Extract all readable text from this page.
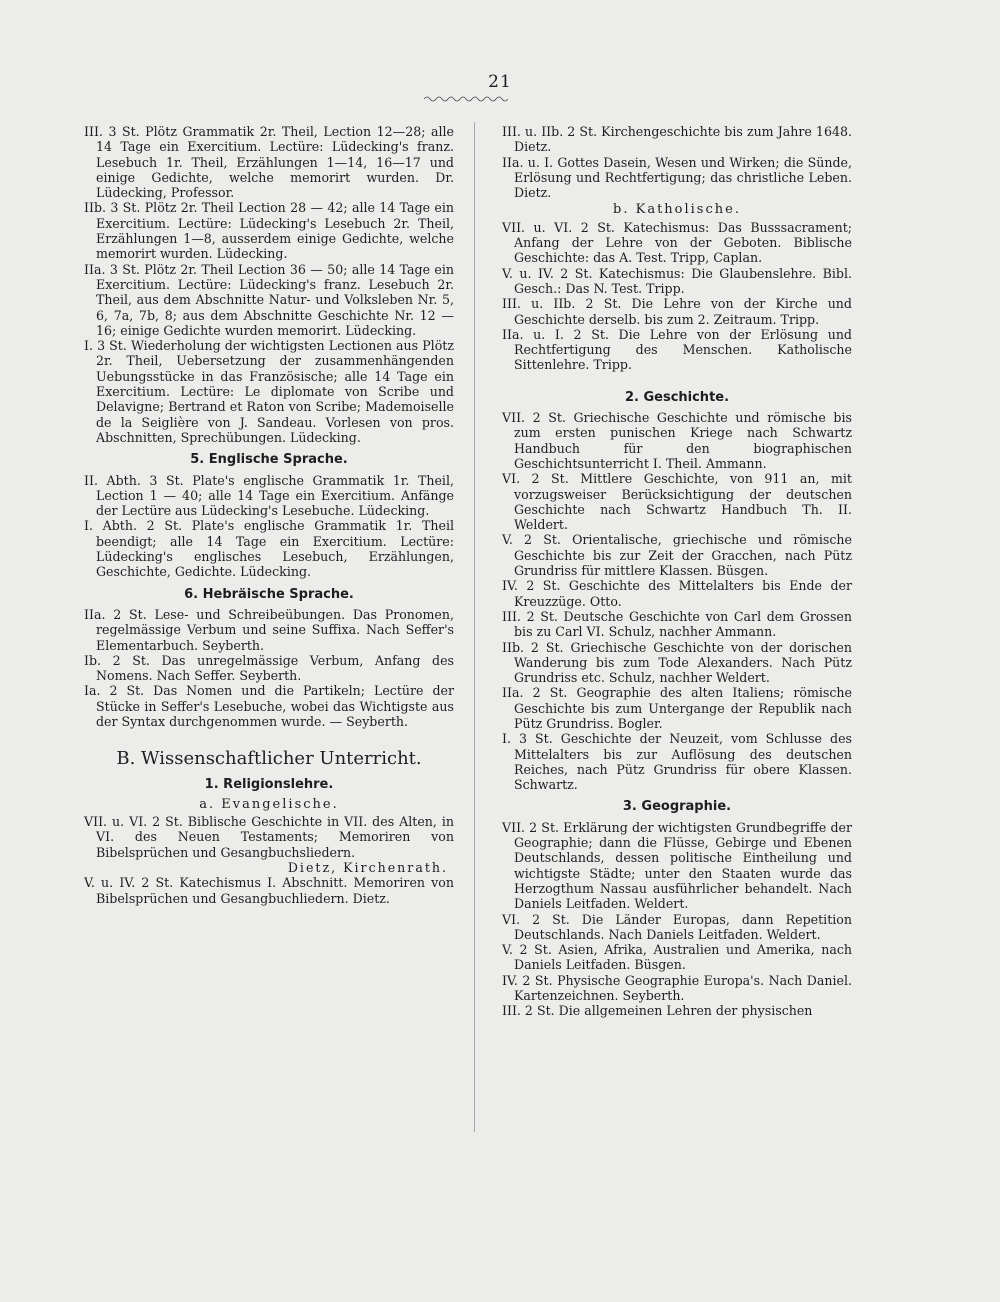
21

III. 3 St. Plötz Grammatik 2r. Theil, Lection 12—28; alle 14 Tage ein Exercitium. Lectüre: Lüdecking's franz. Lesebuch 1r. Theil, Erzählungen 1—14, 16—17 und einige Gedichte, welche memorirt wurden. Dr. Lüdecking, Professor.

IIb. 3 St. Plötz 2r. Theil Lection 28 — 42; alle 14 Tage ein Exercitium. Lectüre: Lüdecking's Lesebuch 2r. Theil, Erzählungen 1—8, ausserdem einige Gedichte, welche memorirt wurden. Lüdecking.

IIa. 3 St. Plötz 2r. Theil Lection 36 — 50; alle 14 Tage ein Exercitium. Lectüre: Lüdecking's franz. Lesebuch 2r. Theil, aus dem Abschnitte Natur- und Volksleben Nr. 5, 6, 7a, 7b, 8; aus dem Abschnitte Geschichte Nr. 12 — 16; einige Gedichte wurden memorirt. Lüdecking.

I. 3 St. Wiederholung der wichtigsten Lectionen aus Plötz 2r. Theil, Uebersetzung der zusammenhängenden Uebungsstücke in das Französische; alle 14 Tage ein Exercitium. Lectüre: Le diplomate von Scribe und Delavigne; Bertrand et Raton von Scribe; Mademoiselle de la Seiglière von J. Sandeau. Vorlesen von pros. Abschnitten, Sprechübungen. Lüdecking.

5. Englische Sprache.

II. Abth. 3 St. Plate's englische Grammatik 1r. Theil, Lection 1 — 40; alle 14 Tage ein Exercitium. Anfänge der Lectüre aus Lüdecking's Lesebuche. Lüdecking.

I. Abth. 2 St. Plate's englische Grammatik 1r. Theil beendigt; alle 14 Tage ein Exercitium. Lectüre: Lüdecking's englisches Lesebuch, Erzählungen, Geschichte, Gedichte. Lüdecking.

6. Hebräische Sprache.

IIa. 2 St. Lese- und Schreibeübungen. Das Pronomen, regelmässige Verbum und seine Suffixa. Nach Seffer's Elementarbuch. Seyberth.

Ib. 2 St. Das unregelmässige Verbum, Anfang des Nomens. Nach Seffer. Seyberth.

Ia. 2 St. Das Nomen und die Partikeln; Lectüre der Stücke in Seffer's Lesebuche, wobei das Wichtigste aus der Syntax durchgenommen wurde. — Seyberth.

B. Wissenschaftlicher Unterricht.
1. Religionslehre.
a. Evangelische.

VII. u. VI. 2 St. Biblische Geschichte in VII. des Alten, in VI. des Neuen Testaments; Memoriren von Bibelsprüchen und Gesangbuchsliedern.

Dietz, Kirchenrath.

V. u. IV. 2 St. Katechismus I. Abschnitt. Memoriren von Bibelsprüchen und Gesangbuchliedern. Dietz.

III. u. IIb. 2 St. Kirchengeschichte bis zum Jahre 1648. Dietz.

IIa. u. I. Gottes Dasein, Wesen und Wirken; die Sünde, Erlösung und Rechtfertigung; das christliche Leben. Dietz.

b. Katholische.

VII. u. VI. 2 St. Katechismus: Das Busssacrament; Anfang der Lehre von der Geboten. Biblische Geschichte: das A. Test. Tripp, Caplan.

V. u. IV. 2 St. Katechismus: Die Glaubenslehre. Bibl. Gesch.: Das N. Test. Tripp.

III. u. IIb. 2 St. Die Lehre von der Kirche und Geschichte derselb. bis zum 2. Zeitraum. Tripp.

IIa. u. I. 2 St. Die Lehre von der Erlösung und Rechtfertigung des Menschen. Katholische Sittenlehre. Tripp.

2. Geschichte.

VII. 2 St. Griechische Geschichte und römische bis zum ersten punischen Kriege nach Schwartz Handbuch für den biographischen Geschichtsunterricht I. Theil. Ammann.

VI. 2 St. Mittlere Geschichte, von 911 an, mit vorzugsweiser Berücksichtigung der deutschen Geschichte nach Schwartz Handbuch Th. II. Weldert.

V. 2 St. Orientalische, griechische und römische Geschichte bis zur Zeit der Gracchen, nach Pütz Grundriss für mittlere Klassen. Büsgen.

IV. 2 St. Geschichte des Mittelalters bis Ende der Kreuzzüge. Otto.

III. 2 St. Deutsche Geschichte von Carl dem Grossen bis zu Carl VI. Schulz, nachher Ammann.

IIb. 2 St. Griechische Geschichte von der dorischen Wanderung bis zum Tode Alexanders. Nach Pütz Grundriss etc. Schulz, nachher Weldert.

IIa. 2 St. Geographie des alten Italiens; römische Geschichte bis zum Untergange der Republik nach Pütz Grundriss. Bogler.

I. 3 St. Geschichte der Neuzeit, vom Schlusse des Mittelalters bis zur Auflösung des deutschen Reiches, nach Pütz Grundriss für obere Klassen. Schwartz.

3. Geographie.

VII. 2 St. Erklärung der wichtigsten Grundbegriffe der Geographie; dann die Flüsse, Gebirge und Ebenen Deutschlands, dessen politische Eintheilung und wichtigste Städte; unter den Staaten wurde das Herzogthum Nassau ausführlicher behandelt. Nach Daniels Leitfaden. Weldert.

VI. 2 St. Die Länder Europas, dann Repetition Deutschlands. Nach Daniels Leitfaden. Weldert.

V. 2 St. Asien, Afrika, Australien und Amerika, nach Daniels Leitfaden. Büsgen.

IV. 2 St. Physische Geographie Europa's. Nach Daniel. Kartenzeichnen. Seyberth.

III. 2 St. Die allgemeinen Lehren der physischen
